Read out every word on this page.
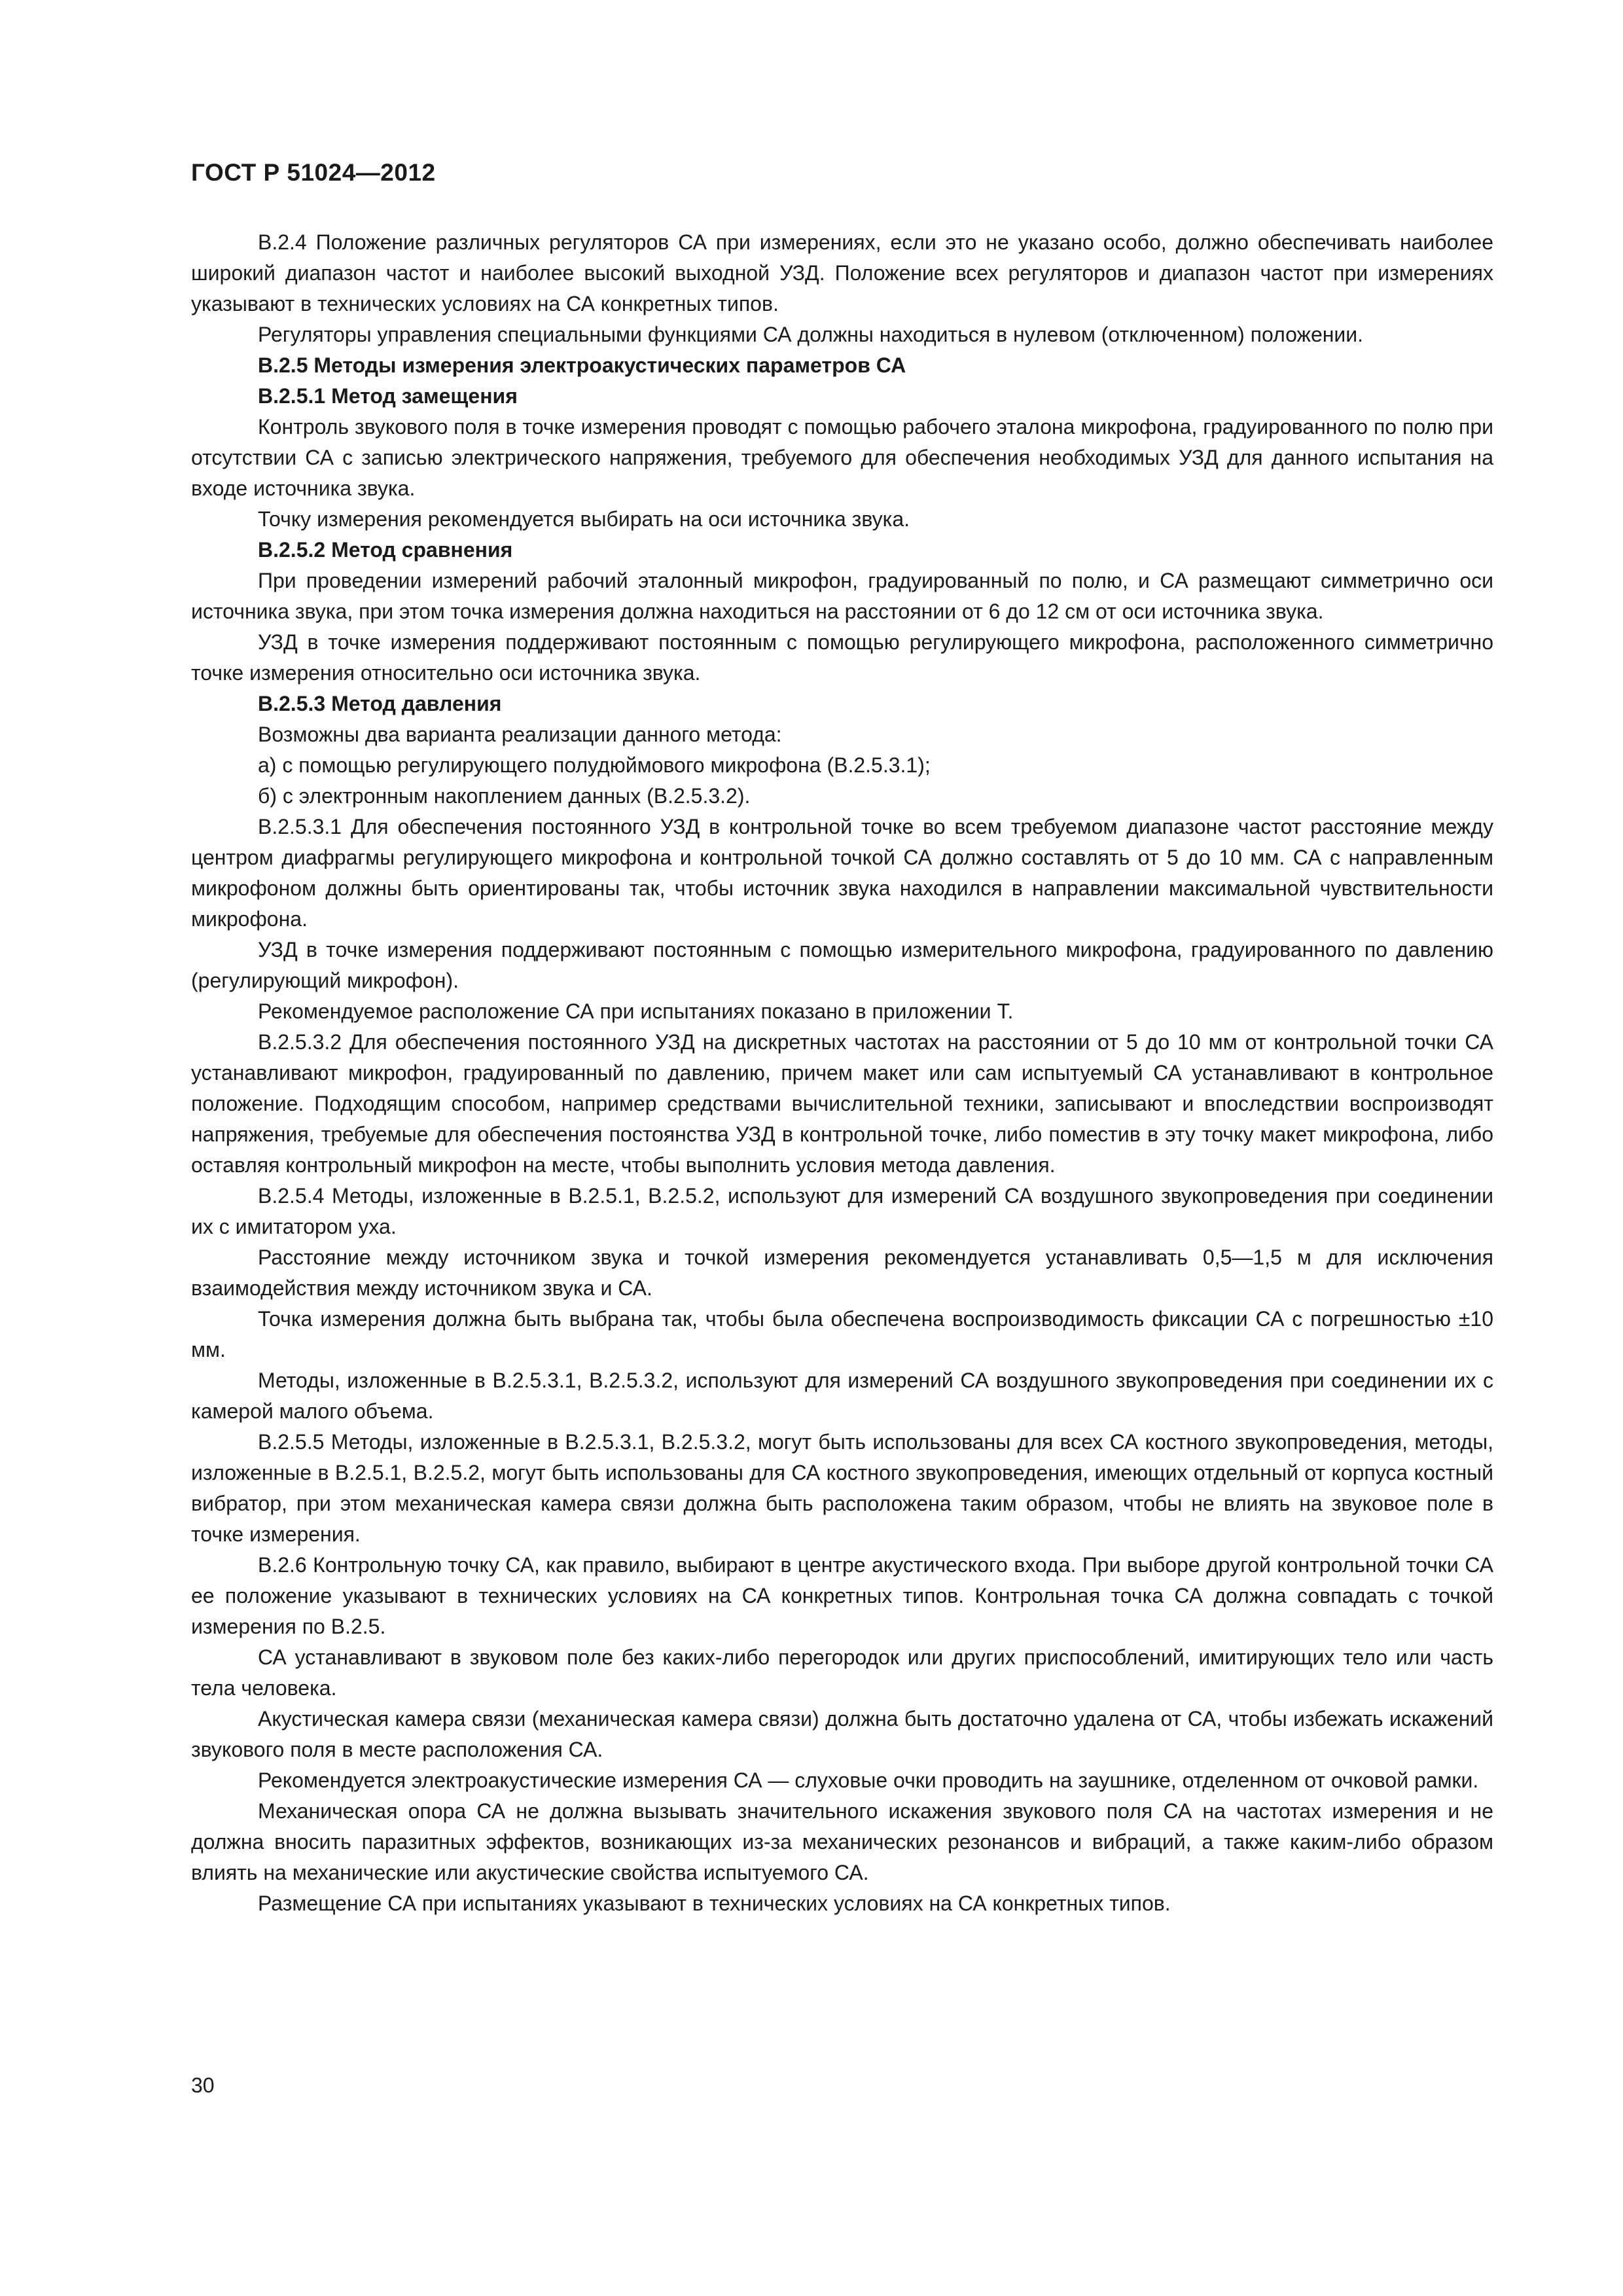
ГОСТ Р 51024—2012

В.2.4 Положение различных регуляторов СА при измерениях, если это не указано особо, должно обеспечивать наиболее широкий диапазон частот и наиболее высокий выходной УЗД. Положение всех регуляторов и диапазон частот при измерениях указывают в технических условиях на СА конкретных типов.

Регуляторы управления специальными функциями СА должны находиться в нулевом (отключенном) положении.

В.2.5 Методы измерения электроакустических параметров СА

В.2.5.1 Метод замещения

Контроль звукового поля в точке измерения проводят с помощью рабочего эталона микрофона, градуированного по полю при отсутствии СА с записью электрического напряжения, требуемого для обеспечения необходимых УЗД для данного испытания на входе источника звука.

Точку измерения рекомендуется выбирать на оси источника звука.

В.2.5.2 Метод сравнения

При проведении измерений рабочий эталонный микрофон, градуированный по полю, и СА размещают симметрично оси источника звука, при этом точка измерения должна находиться на расстоянии от 6 до 12 см от оси источника звука.

УЗД в точке измерения поддерживают постоянным с помощью регулирующего микрофона, расположенного симметрично точке измерения относительно оси источника звука.

В.2.5.3 Метод давления

Возможны два варианта реализации данного метода:

а) с помощью регулирующего полудюймового микрофона (В.2.5.3.1);

б) с электронным накоплением данных (В.2.5.3.2).

В.2.5.3.1 Для обеспечения постоянного УЗД в контрольной точке во всем требуемом диапазоне частот расстояние между центром диафрагмы регулирующего микрофона и контрольной точкой СА должно составлять от 5 до 10 мм. СА с направленным микрофоном должны быть ориентированы так, чтобы источник звука находился в направлении максимальной чувствительности микрофона.

УЗД в точке измерения поддерживают постоянным с помощью измерительного микрофона, градуированного по давлению (регулирующий микрофон).

Рекомендуемое расположение СА при испытаниях показано в приложении Т.

В.2.5.3.2 Для обеспечения постоянного УЗД на дискретных частотах на расстоянии от 5 до 10 мм от контрольной точки СА устанавливают микрофон, градуированный по давлению, причем макет или сам испытуемый СА устанавливают в контрольное положение. Подходящим способом, например средствами вычислительной техники, записывают и впоследствии воспроизводят напряжения, требуемые для обеспечения постоянства УЗД в контрольной точке, либо поместив в эту точку макет микрофона, либо оставляя контрольный микрофон на месте, чтобы выполнить условия метода давления.

В.2.5.4 Методы, изложенные в В.2.5.1, В.2.5.2, используют для измерений СА воздушного звукопроведения при соединении их с имитатором уха.

Расстояние между источником звука и точкой измерения рекомендуется устанавливать 0,5—1,5 м для исключения взаимодействия между источником звука и СА.

Точка измерения должна быть выбрана так, чтобы была обеспечена воспроизводимость фиксации СА с погрешностью ±10 мм.

Методы, изложенные в В.2.5.3.1, В.2.5.3.2, используют для измерений СА воздушного звукопроведения при соединении их с камерой малого объема.

В.2.5.5 Методы, изложенные в В.2.5.3.1, В.2.5.3.2, могут быть использованы для всех СА костного звукопроведения, методы, изложенные в В.2.5.1, В.2.5.2, могут быть использованы для СА костного звукопроведения, имеющих отдельный от корпуса костный вибратор, при этом механическая камера связи должна быть расположена таким образом, чтобы не влиять на звуковое поле в точке измерения.

В.2.6 Контрольную точку СА, как правило, выбирают в центре акустического входа. При выборе другой контрольной точки СА ее положение указывают в технических условиях на СА конкретных типов. Контрольная точка СА должна совпадать с точкой измерения по В.2.5.

СА устанавливают в звуковом поле без каких-либо перегородок или других приспособлений, имитирующих тело или часть тела человека.

Акустическая камера связи (механическая камера связи) должна быть достаточно удалена от СА, чтобы избежать искажений звукового поля в месте расположения СА.

Рекомендуется электроакустические измерения СА — слуховые очки проводить на заушнике, отделенном от очковой рамки.

Механическая опора СА не должна вызывать значительного искажения звукового поля СА на частотах измерения и не должна вносить паразитных эффектов, возникающих из-за механических резонансов и вибраций, а также каким-либо образом влиять на механические или акустические свойства испытуемого СА.

Размещение СА при испытаниях указывают в технических условиях на СА конкретных типов.

30
